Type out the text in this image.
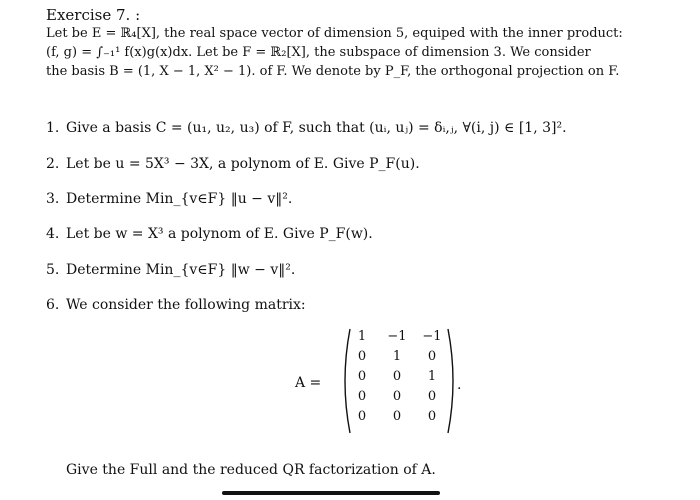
Exercise 7. :
Let be E = ℝ₄[X], the real space vector of dimension 5, equiped with the inner product:
(f, g) = ∫₋₁¹ f(x)g(x)dx. Let be F = ℝ₂[X], the subspace of dimension 3. We consider
the basis B = (1, X − 1, X² − 1). of F. We denote by P_F, the orthogonal projection on F.
1. Give a basis C = (u₁, u₂, u₃) of F, such that (uᵢ, uⱼ) = δᵢ,ⱼ, ∀(i, j) ∈ [1, 3]².
2. Let be u = 5X³ − 3X, a polynom of E. Give P_F(u).
3. Determine Min_{v∈F} ‖u − v‖².
4. Let be w = X³ a polynom of E. Give P_F(w).
5. Determine Min_{v∈F} ‖w − v‖².
6. We consider the following matrix:
A =
1	−1	−1
0	1	0
0	0	1
0	0	0
0	0	0
.
Give the Full and the reduced QR factorization of A.
